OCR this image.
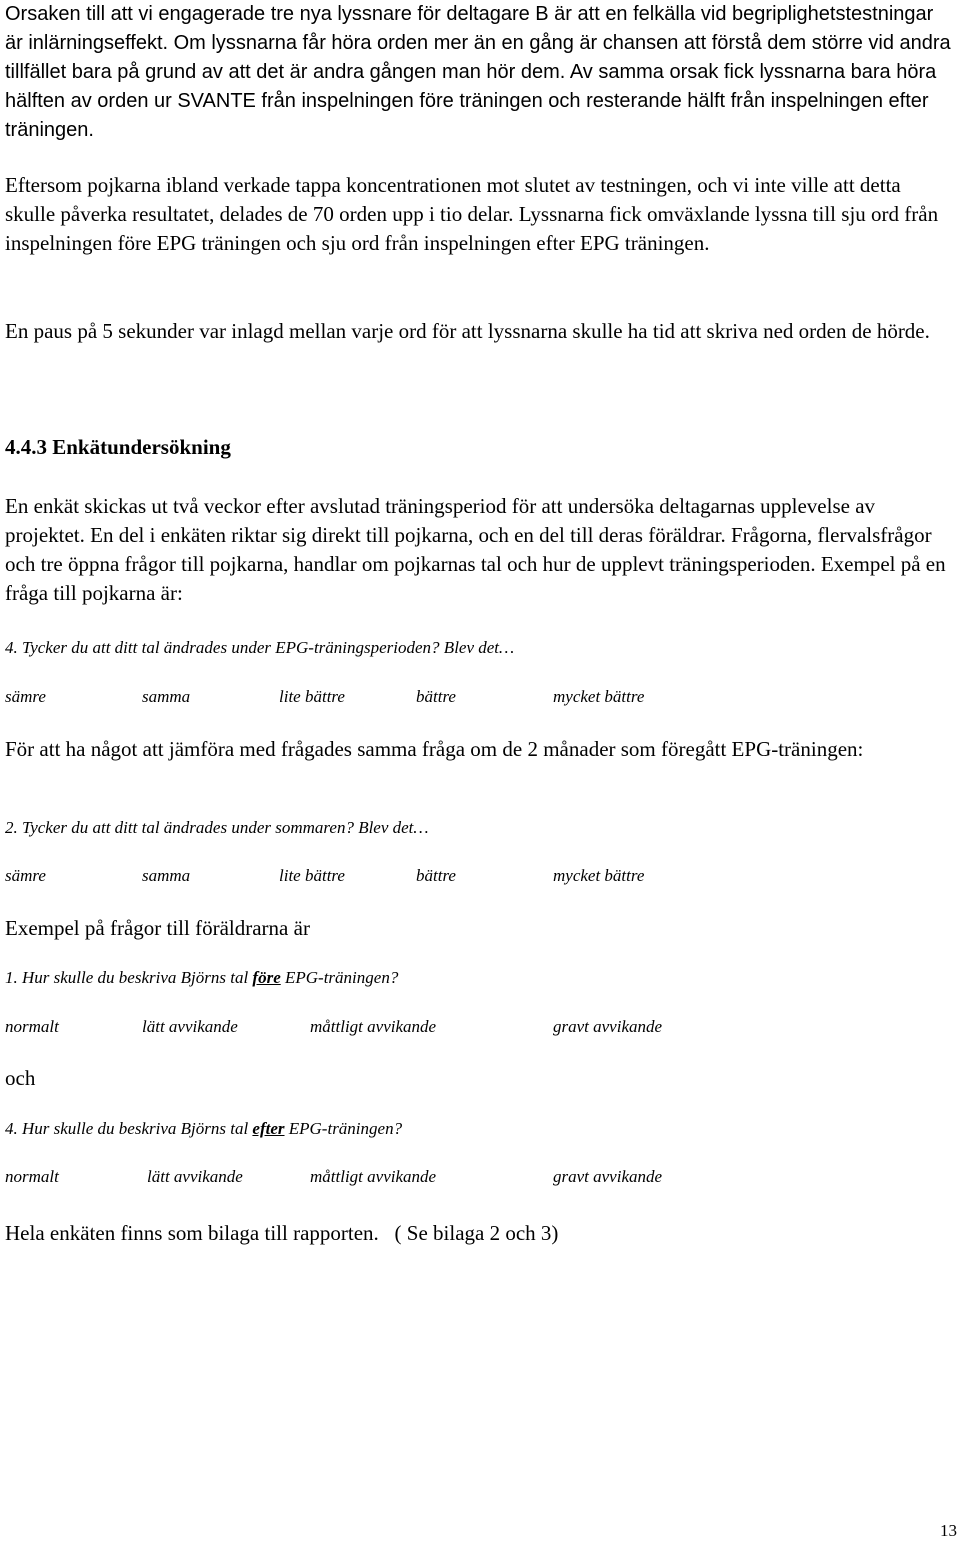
Orsaken till att vi engagerade tre nya lyssnare för deltagare B är att en felkälla vid begriplighetstestningar är inlärningseffekt. Om lyssnarna får höra orden mer än en gång är chansen att förstå dem större vid andra tillfället bara på grund av att det är andra gången man hör dem. Av samma orsak fick lyssnarna bara höra hälften av orden ur SVANTE från inspelningen före träningen och resterande hälft från inspelningen efter träningen.

Eftersom pojkarna ibland verkade tappa koncentrationen mot slutet av testningen, och vi inte ville att detta skulle påverka resultatet, delades de 70 orden upp i tio delar. Lyssnarna fick omväxlande lyssna till sju ord från inspelningen före EPG träningen och sju ord från inspelningen efter EPG träningen.

En paus på 5 sekunder var inlagd mellan varje ord för att lyssnarna skulle ha tid att skriva ned orden de hörde.

4.4.3 Enkätundersökning

En enkät skickas ut två veckor efter avslutad träningsperiod för att undersöka deltagarnas upplevelse av projektet. En del i enkäten riktar sig direkt till pojkarna, och en del till deras föräldrar. Frågorna, flervalsfrågor och tre öppna frågor till pojkarna, handlar om pojkarnas tal och hur de upplevt träningsperioden. Exempel på en fråga till pojkarna är:

4. Tycker du att ditt tal ändrades under EPG-träningsperioden? Blev det…

sämre	samma	lite bättre	bättre	mycket bättre

För att ha något att jämföra med frågades samma fråga om de 2 månader som föregått EPG-träningen:

2. Tycker du att ditt tal ändrades under sommaren? Blev det…

sämre	samma	lite bättre	bättre	mycket bättre

Exempel på frågor till föräldrarna är

1. Hur skulle du beskriva Björns tal före EPG-träningen?

normalt	lätt avvikande	måttligt avvikande	gravt avvikande

och

4. Hur skulle du beskriva Björns tal efter EPG-träningen?

normalt	lätt avvikande	måttligt avvikande	gravt avvikande

Hela enkäten finns som bilaga till rapporten.   ( Se bilaga 2 och 3)

13
